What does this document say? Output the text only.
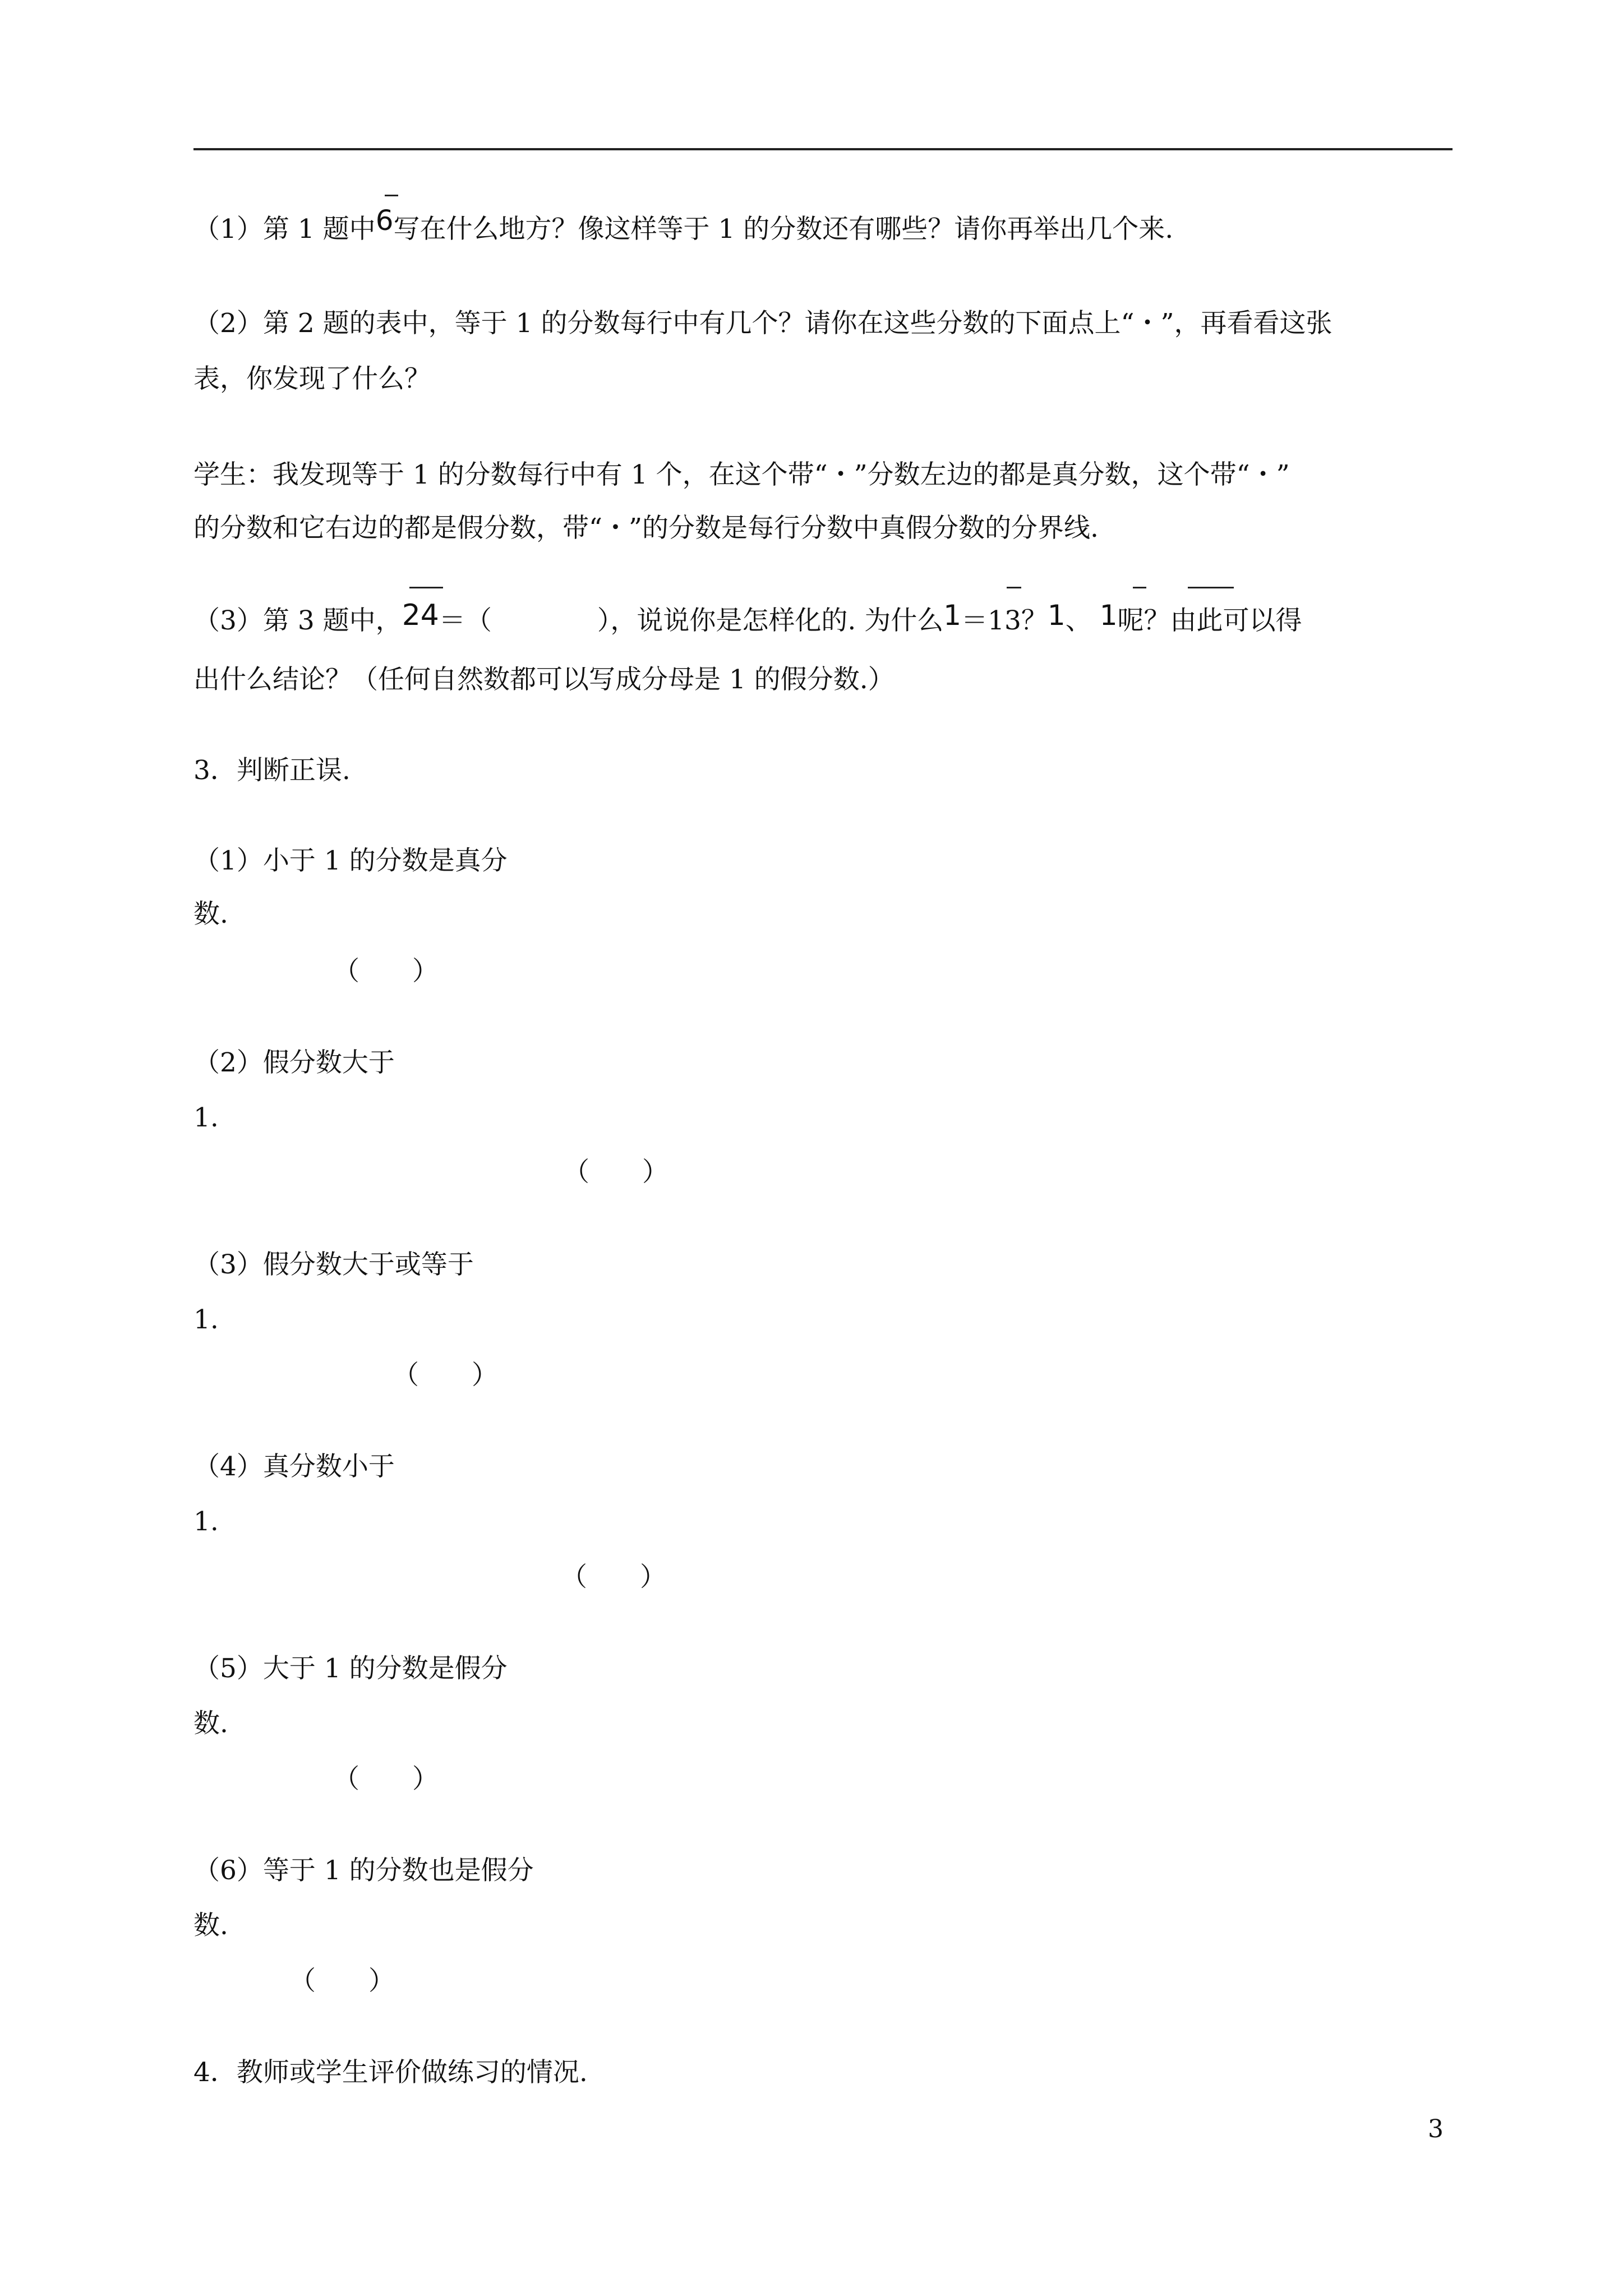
（1）第 1 题中6写在什么地方？像这样等于 1 的分数还有哪些？请你再举出几个来.
（2）第 2 题的表中，等于 1 的分数每行中有几个？请你在这些分数的下面点上“・”，再看看这张
表，你发现了什么？
学生：我发现等于 1 的分数每行中有 1 个，在这个带“・”分数左边的都是真分数，这个带“・”
的分数和它右边的都是假分数，带“・”的分数是每行分数中真假分数的分界线.
（3）第 3 题中，24＝（　　　　），说说你是怎样化的. 为什么1＝13？1、 1呢？由此可以得
出什么结论？（任何自然数都可以写成分母是 1 的假分数.）
3．判断正误.
（1）小于 1 的分数是真分
数.
（　　）
（2）假分数大于
1.
（　　）
（3）假分数大于或等于
1.
（　　）
（4）真分数小于
1.
（　　）
（5）大于 1 的分数是假分
数.
（　　）
（6）等于 1 的分数也是假分
数.
（　　）
4．教师或学生评价做练习的情况.
3
